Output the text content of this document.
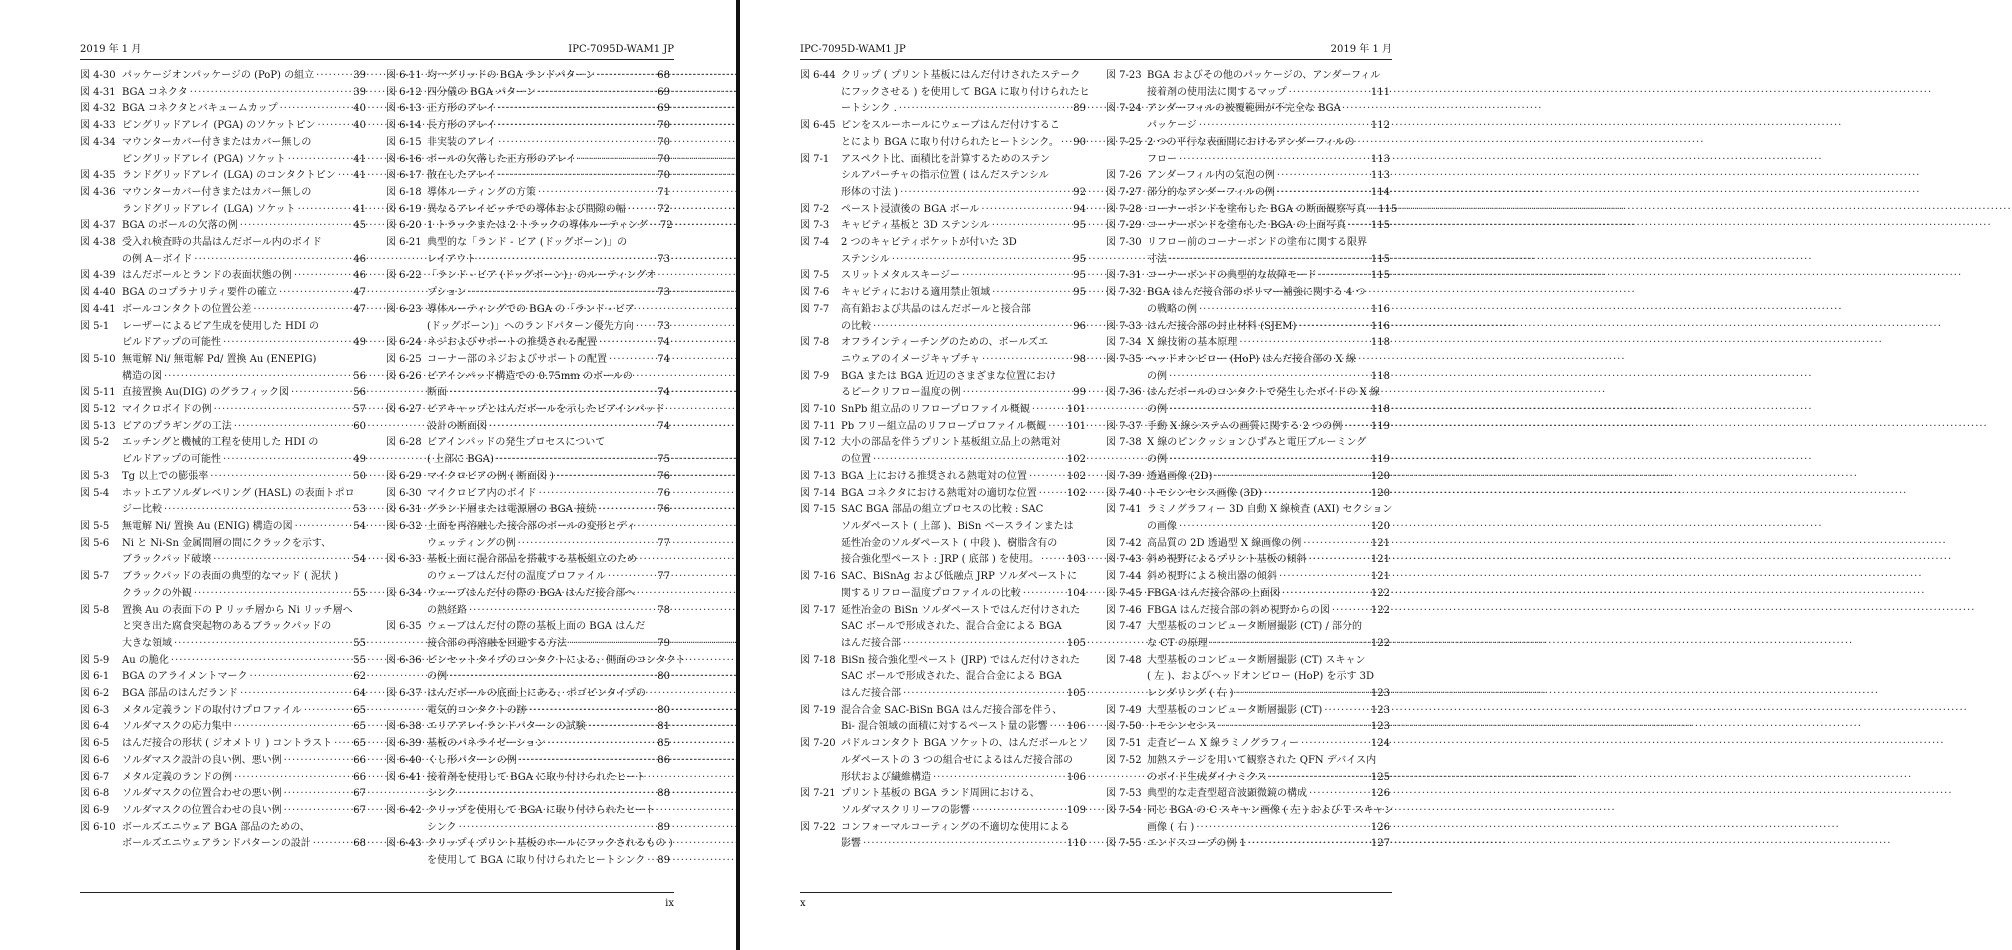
2019 年 1 月	IPC-7095D-WAM1 JP
図 4-30 パッケージオンパッケージの (PoP) の組立 ·····	39
図 4-31 BGA コネクタ ·····	39
図 4-32 BGA コネクタとバキュームカップ ·····	40
図 4-33 ピングリッドアレイ (PGA) のソケットピン ·····	40
図 4-34 マウンターカバー付きまたはカバー無しの
ピングリッドアレイ (PGA) ソケット ·····	41
図 4-35 ランドグリッドアレイ (LGA) のコンタクトピン ····· 41
図 4-36 マウンターカバー付きまたはカバー無しの
ランドグリッドアレイ (LGA) ソケット ·····	41
図 4-37 BGA のボールの欠落の例 ·····	45
図 4-38 受入れ検査時の共晶はんだボール内のボイド
の例 A－ボイド ·····	46
図 4-39 はんだボールとランドの表面状態の例 ·····	46
図 4-40 BGA のコプラナリティ要件の確立 ·····	47
図 4-41 ボールコンタクトの位置公差 ·····	47
図 5-1	レーザーによるビア生成を使用した HDI の
ビルドアップの可能性 ·····	49
図 5-10 無電解 Ni/ 無電解 Pd/ 置換 Au (ENEPIG)
構造の図 ·····	56
図 5-11 直接置換 Au(DIG) のグラフィック図 ·····	56
図 5-12 マイクロボイドの例 ·····	57
図 5-13 ビアのプラギングの工法 ·····	60
図 5-2	エッチングと機械的工程を使用した HDI の
ビルドアップの可能性 ·····	49
図 5-3	Tg 以上での膨張率 ·····	50
図 5-4	ホットエアソルダレベリング (HASL) の表面トポロ
ジー比較 ·····	53
図 5-5	無電解 Ni/ 置換 Au (ENIG) 構造の図 ·····	54
図 5-6	Ni と Ni-Sn 金属間層の間にクラックを示す、
ブラックパッド破壊 ·····	54
図 5-7	ブラックパッドの表面の典型的なマッド ( 泥状 )
クラックの外観 ·····	55
図 5-8	置換 Au の表面下の P リッチ層から Ni リッチ層へ
と突き出た腐食突起物のあるブラックパッドの
大きな領域 ·····	55
図 5-9	Au の脆化 ·····	55
図 6-1	BGA のアライメントマーク ·····	62
図 6-2	BGA 部品のはんだランド ·····	64
図 6-3	メタル定義ランドの取付けプロファイル ·····	65
図 6-4	ソルダマスクの応力集中 ·····	65
図 6-5	はんだ接合の形状 ( ジオメトリ ) コントラスト ····· 65
図 6-6	ソルダマスク設計の良い例、悪い例 ·····	66
図 6-7	メタル定義のランドの例 ·····	66
図 6-8	ソルダマスクの位置合わせの悪い例 ·····	67
図 6-9	ソルダマスクの位置合わせの良い例 ·····	67
図 6-10 ボールズエニウェア BGA 部品のための、
ボールズエニウェアランドパターンの設計 ·····	68
図 6-11 均一グリッドの BGA ランドパターン ·····	68
図 6-12 四分儀の BGA パターン ·····	69
図 6-13 正方形のアレイ ·····	69
図 6-14 長方形のアレイ ·····	70
図 6-15 非実装のアレイ ·····	70
図 6-16 ボールの欠落した正方形のアレイ ·····	70
図 6-17 散在したアレイ ·····	70
図 6-18 導体ルーティングの方策 ·····	71
図 6-19 異なるアレイピッチでの導体および間隙の幅 ·····	72
図 6-20 1 トラックまたは 2 トラックの導体ルーティング ····· 72
図 6-21 典型的な「ランド - ビア (ドッグボーン)」の
レイアウト ·····	73
図 6-22 「ランド - ビア (ドッグボーン)」のルーティングオ
プション ·····	73
図 6-23 導体ルーティングでの BGA の「ランド - ビア
(ドッグボーン)」へのランドパターン優先方向 ····· 73
図 6-24 ネジおよびサポートの推奨される配置 ·····	74
図 6-25 コーナー部のネジおよびサポートの配置 ·····	74
図 6-26 ビアインパッド構造での 0.75mm のボールの
断面 ·····	74
図 6-27 ビアキャップとはんだボールを示したビアインパッド
設計の断面図 ·····	74
図 6-28 ビアインパッドの発生プロセスについて
( 上部に BGA) ·····	75
図 6-29 マイクロビアの例 ( 断面図 ) ·····	76
図 6-30 マイクロビア内のボイド ·····	76
図 6-31 グランド層または電源層の BGA 接続 ·····	76
図 6-32 上面を再溶融した接合部のボールの変形とディ
ウェッティングの例 ·····	77
図 6-33 基板上面に混合部品を搭載する基板組立のため
のウェーブはんだ付の温度プロファイル ·····	77
図 6-34 ウェーブはんだ付の際の BGA はんだ接合部へ
の熱経路 ·····	78
図 6-35 ウェーブはんだ付の際の基板上面の BGA はんだ
接合部の再溶融を回避する方法 ·····	79
図 6-36 ピンセットタイプのコンタクトによる、側面のコンタクト
の例 ·····	80
図 6-37 はんだボールの底面上にある、ポゴピンタイプの
電気的コンタクトの跡 ·····	80
図 6-38 エリアアレイランドパターンの試験 ·····	81
図 6-39 基板のパネライゼーション ·····	85
図 6-40 くし形パターンの例 ·····	86
図 6-41 接着剤を使用して BGA に取り付けられたヒート
シンク ·····	88
図 6-42 クリップを使用して BGA に取り付けられたヒート
シンク ·····	89
図 6-43 クリップ ( プリント基板のホールにフックされるもの )
を使用して BGA に取り付けられたヒートシンク ····· 89
ix
IPC-7095D-WAM1 JP	2019 年 1 月
図 6-44 クリップ ( プリント基板にはんだ付けされたステーク
にフックさせる ) を使用して BGA に取り付けられたヒ
ートシンク . ·····	89
図 6-45 ピンをスルーホールにウェーブはんだ付けするこ
とにより BGA に取り付けられたヒートシンク。 ····· 90
図 7-1	アスペクト比、面積比を計算するためのステン
シルアパーチャの指示位置 ( はんだステンシル
形体の寸法 ) ·····	92
図 7-2	ペースト浸漬後の BGA ボール ·····	94
図 7-3	キャビティ基板と 3D ステンシル ·····	95
図 7-4	2 つのキャビティポケットが付いた 3D
ステンシル ·····	95
図 7-5	スリットメタルスキージー ·····	95
図 7-6	キャビティにおける適用禁止領域 ·····	95
図 7-7	高有鉛および共晶のはんだボールと接合部
の比較 ·····	96
図 7-8	オフラインティーチングのための、ボールズエ
ニウェアのイメージキャプチャ ·····	98
図 7-9	BGA または BGA 近辺のさまざまな位置におけ
るピークリフロー温度の例 ·····	99
図 7-10 SnPb 組立品のリフロープロファイル概観 ·····	101
図 7-11 Pb フリー組立品のリフロープロファイル概観 ····· 101
図 7-12 大小の部品を伴うプリント基板組立品上の熱電対
の位置 ·····	102
図 7-13 BGA 上における推奨される熱電対の位置 ·····	102
図 7-14 BGA コネクタにおける熱電対の適切な位置 ·····	102
図 7-15 SAC BGA 部品の組立プロセスの比較 : SAC
ソルダペースト ( 上部 )、BiSn ベースラインまたは
延性冶金のソルダペースト ( 中段 )、樹脂含有の
接合強化型ペースト : JRP ( 底部 ) を使用。 ·····	103
図 7-16 SAC、BiSnAg および低融点 JRP ソルダペーストに
関するリフロー温度プロファイルの比較 ·····	104
図 7-17 延性冶金の BiSn ソルダペーストではんだ付けされた
SAC ボールで形成された、混合合金による BGA
はんだ接合部 ·····	105
図 7-18 BiSn 接合強化型ペースト (JRP) ではんだ付けされた
SAC ボールで形成された、混合合金による BGA
はんだ接合部 ·····	105
図 7-19 混合合金 SAC-BiSn BGA はんだ接合部を伴う、
Bi- 混合領域の面積に対するペースト量の影響 ····· 106
図 7-20 パドルコンタクト BGA ソケットの、はんだボールとソ
ルダペーストの 3 つの組合せによるはんだ接合部の
形状および繊維構造 ·····	106
図 7-21 プリント基板の BGA ランド周囲における、
ソルダマスクリリーフの影響 ·····	109
図 7-22 コンフォーマルコーティングの不適切な使用による
影響 ·····	110
図 7-23 BGA およびその他のパッケージの、アンダーフィル
接着剤の使用法に関するマップ ·····	111
図 7-24 アンダーフィルの被覆範囲が不完全な BGA
パッケージ ·····	112
図 7-25 2 つの平行な表面間におけるアンダーフィルの
フロー ·····	113
図 7-26 アンダーフィル内の気泡の例 ·····	113
図 7-27 部分的なアンダーフィルの例 ·····	114
図 7-28 コーナーボンドを塗布した BGA の断面観察写真 ····· 115
図 7-29 コーナーボンドを塗布した BGA の上面写真 ····· 115
図 7-30 リフロー前のコーナーボンドの塗布に関する限界
寸法 ·····	115
図 7-31 コーナーボンドの典型的な故障モード ·····	115
図 7-32 BGA はんだ接合部のポリマー補強に関する 4 つ
の戦略の例 ·····	116
図 7-33 はんだ接合部の封止材料 (SJEM) ·····	116
図 7-34 X 線技術の基本原理 ·····	118
図 7-35 ヘッドオンピロー (HoP) はんだ接合部の X 線
の例 ·····	118
図 7-36 はんだボールのコンタクトで発生したボイドの X 線
の例 ·····	118
図 7-37 手動 X 線システムの画質に関する 2 つの例 ·····	119
図 7-38 X 線のピンクッションひずみと電圧ブルーミング
の例 ·····	119
図 7-39 透過画像 (2D) ·····	120
図 7-40 トモシンセシス画像 (3D) ·····	120
図 7-41 ラミノグラフィー 3D 自動 X 線検査 (AXI) セクション
の画像 ·····	120
図 7-42 高品質の 2D 透過型 X 線画像の例 ·····	121
図 7-43 斜め視野によるプリント基板の傾斜 ·····	121
図 7-44 斜め視野による検出器の傾斜 ·····	121
図 7-45 FBGA はんだ接合部の上面図 ·····	122
図 7-46 FBGA はんだ接合部の斜め視野からの図 ·····	122
図 7-47 大型基板のコンピュータ断層撮影 (CT) / 部分的
な CT の原理 ·····	122
図 7-48 大型基板のコンピュータ断層撮影 (CT) スキャン
( 左 )、およびヘッドオンピロー (HoP) を示す 3D
レンダリング ( 右 ) ·····	123
図 7-49 大型基板のコンピュータ断層撮影 (CT) ·····	123
図 7-50 トモシンセシス ·····	123
図 7-51 走査ビーム X 線ラミノグラフィー ·····	124
図 7-52 加熱ステージを用いて観察された QFN デバイス内
のボイド生成ダイナミクス ·····	125
図 7-53 典型的な走査型超音波顕微鏡の構成 ·····	126
図 7-54 同じ BGA の C スキャン画像 ( 左 ) および T スキャン
画像 ( 右 ) ·····	126
図 7-55 エンドスコープの例 1 ·····	127
x
